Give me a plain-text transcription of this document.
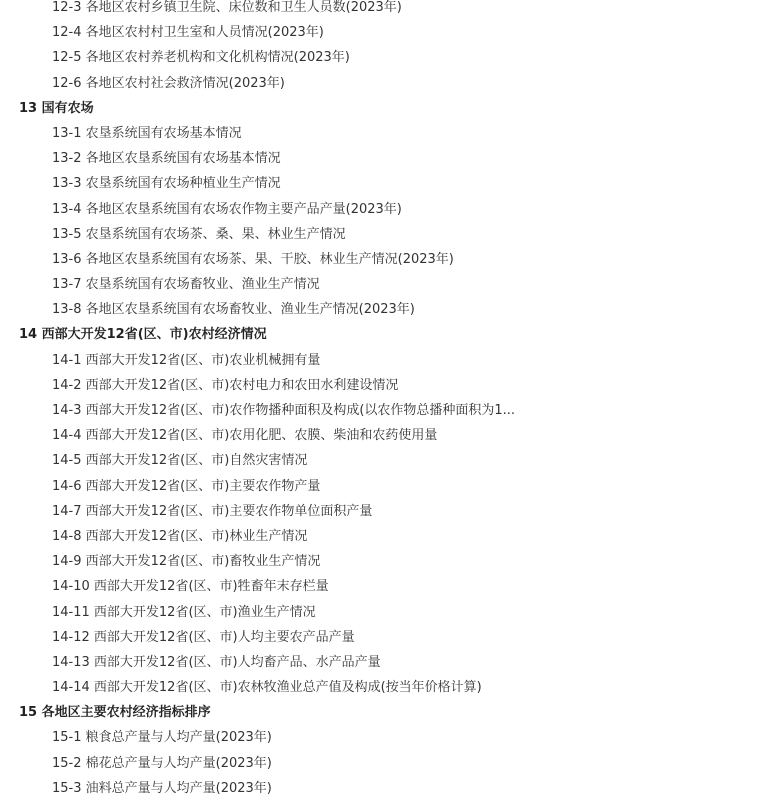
12-3 各地区农村乡镇卫生院、床位数和卫生人员数(2023年)
12-4 各地区农村村卫生室和人员情况(2023年)
12-5 各地区农村养老机构和文化机构情况(2023年)
12-6 各地区农村社会救济情况(2023年)
13 国有农场
13-1 农垦系统国有农场基本情况
13-2 各地区农垦系统国有农场基本情况
13-3 农垦系统国有农场种植业生产情况
13-4 各地区农垦系统国有农场农作物主要产品产量(2023年)
13-5 农垦系统国有农场茶、桑、果、林业生产情况
13-6 各地区农垦系统国有农场茶、果、干胶、林业生产情况(2023年)
13-7 农垦系统国有农场畜牧业、渔业生产情况
13-8 各地区农垦系统国有农场畜牧业、渔业生产情况(2023年)
14 西部大开发12省(区、市)农村经济情况
14-1 西部大开发12省(区、市)农业机械拥有量
14-2 西部大开发12省(区、市)农村电力和农田水利建设情况
14-3 西部大开发12省(区、市)农作物播种面积及构成(以农作物总播种面积为1...
14-4 西部大开发12省(区、市)农用化肥、农膜、柴油和农药使用量
14-5 西部大开发12省(区、市)自然灾害情况
14-6 西部大开发12省(区、市)主要农作物产量
14-7 西部大开发12省(区、市)主要农作物单位面积产量
14-8 西部大开发12省(区、市)林业生产情况
14-9 西部大开发12省(区、市)畜牧业生产情况
14-10 西部大开发12省(区、市)牲畜年末存栏量
14-11 西部大开发12省(区、市)渔业生产情况
14-12 西部大开发12省(区、市)人均主要农产品产量
14-13 西部大开发12省(区、市)人均畜产品、水产品产量
14-14 西部大开发12省(区、市)农林牧渔业总产值及构成(按当年价格计算)
15 各地区主要农村经济指标排序
15-1 粮食总产量与人均产量(2023年)
15-2 棉花总产量与人均产量(2023年)
15-3 油料总产量与人均产量(2023年)
